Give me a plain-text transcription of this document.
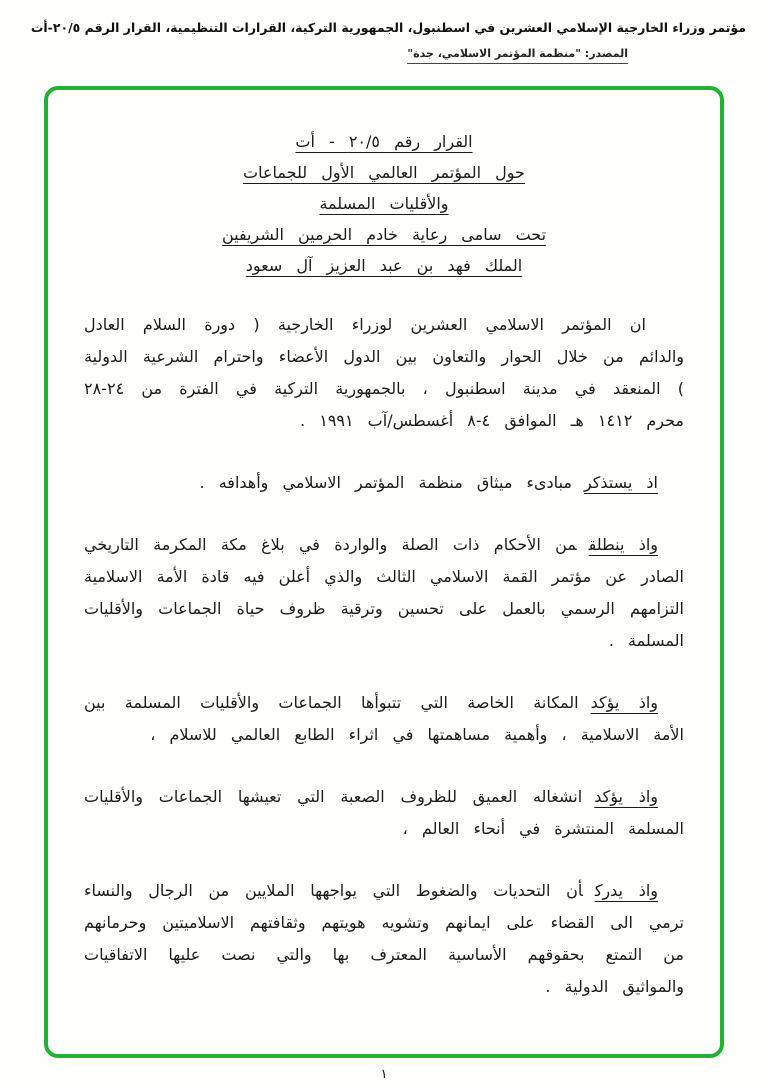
مؤتمر وزراء الخارجية الإسلامي العشرين في اسطنبول، الجمهورية التركية، القرارات التنظيمية، القرار الرقم ٢٠/٥-أت
المصدر: "منظمة المؤتمر الاسلامي، جدة"
القرار رقم ٢٠/٥ - أت
حول المؤتمر العالمي الأول للجماعات
والأقليات المسلمة
تحت سامى رعاية خادم الحرمين الشريفين
الملك فهد بن عبد العزيز آل سعود

ان المؤتمر الاسلامي العشرين لوزراء الخارجية ( دورة السلام العادل والدائم من خلال الحوار والتعاون بين الدول الأعضاء واحترام الشرعية الدولية ) المنعقد في مدينة اسطنبول ، بالجمهورية التركية في الفترة من ٢٤-٢٨ محرم ١٤١٢ هـ الموافق ٤-٨ أغسطس/آب ١٩٩١ .

اذ يستذكرمبادىء ميثاق منظمة المؤتمر الاسلامي وأهدافه .

واذ ينطلقمن الأحكام ذات الصلة والواردة في بلاغ مكة المكرمة التاريخي الصادر عن مؤتمر القمة الاسلامي الثالث والذي أعلن فيه قادة الأمة الاسلامية التزامهم الرسمي بالعمل على تحسين وترقية ظروف حياة الجماعات والأقليات المسلمة .

واذ يؤكدالمكانة الخاصة التي تتبوأها الجماعات والأقليات المسلمة بين الأمة الاسلامية ، وأهمية مساهمتها في اثراء الطابع العالمي للاسلام ،

واذ يؤكدانشغاله العميق للظروف الصعبة التي تعيشها الجماعات والأقليات المسلمة المنتشرة في أنحاء العالم ،

واذ يدركأن التحديات والضغوط التي يواجهها الملايين من الرجال والنساء ترمي الى القضاء على ايمانهم وتشويه هويتهم وثقافتهم الاسلاميتين وحرمانهم من التمتع بحقوقهم الأساسية المعترف بها والتي نصت عليها الاتفاقيات والمواثيق الدولية .

١
